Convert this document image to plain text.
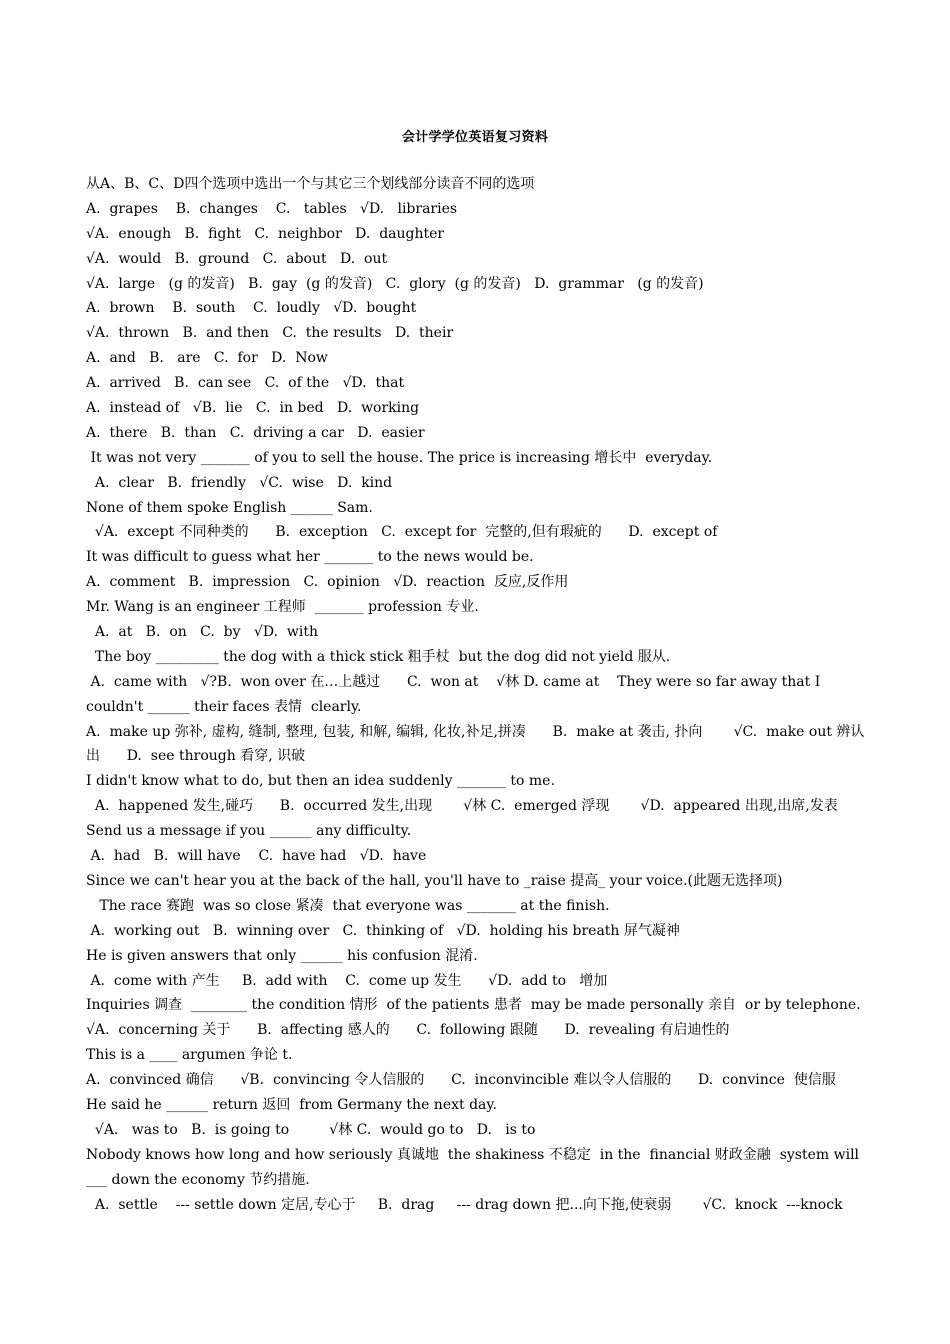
会计学学位英语复习资料
从A、B、C、D四个选项中选出一个与其它三个划线部分读音不同的选项
A.  grapes    B.  changes    C.   tables   √D.   libraries
√A.  enough   B.  fight   C.  neighbor   D.  daughter
√A.  would   B.  ground   C.  about   D.  out
√A.  large   (g 的发音)   B.  gay  (g 的发音)   C.  glory  (g 的发音)   D.  grammar   (g 的发音)
A.  brown    B.  south    C.  loudly   √D.  bought
√A.  thrown   B.  and then   C.  the results   D.  their
A.  and   B.   are   C.  for   D.  Now
A.  arrived   B.  can see   C.  of the   √D.  that
A.  instead of   √B.  lie   C.  in bed   D.  working
A.  there   B.  than   C.  driving a car   D.  easier
It was not very _______ of you to sell the house. The price is increasing 增长中  everyday.
A.  clear   B.  friendly   √C.  wise   D.  kind
None of them spoke English ______ Sam.
√A.  except 不同种类的      B.  exception   C.  except for  完整的,但有瑕疵的      D.  except of
It was difficult to guess what her _______ to the news would be.
A.  comment   B.  impression   C.  opinion   √D.  reaction  反应,反作用
Mr. Wang is an engineer 工程师  _______ profession 专业.
A.  at   B.  on   C.  by   √D.  with
The boy _________ the dog with a thick stick 粗手杖  but the dog did not yield 服从.
A.  came with   √?B.  won over 在…上越过      C.  won at    √林 D. came at    They were so far away that I
couldn't ______ their faces 表情  clearly.
A.  make up 弥补, 虚构, 缝制, 整理, 包装, 和解, 编辑, 化妆,补足,拼凑      B.  make at 袭击, 扑向       √C.  make out 辨认
出      D.  see through 看穿, 识破
I didn't know what to do, but then an idea suddenly _______ to me.
A.  happened 发生,碰巧      B.  occurred 发生,出现       √林 C.  emerged 浮现       √D.  appeared 出现,出席,发表
Send us a message if you ______ any difficulty.
A.  had   B.  will have    C.  have had   √D.  have
Since we can't hear you at the back of the hall, you'll have to _raise 提高_ your voice.(此题无选择项)
The race 赛跑  was so close 紧凑  that everyone was _______ at the finish.
A.  working out   B.  winning over   C.  thinking of   √D.  holding his breath 屏气凝神
He is given answers that only ______ his confusion 混淆.
A.  come with 产生     B.  add with    C.  come up 发生      √D.  add to   增加
Inquiries 调查  ________ the condition 情形  of the patients 患者  may be made personally 亲自  or by telephone.
√A.  concerning 关于      B.  affecting 感人的      C.  following 跟随      D.  revealing 有启迪性的
This is a ____ argumen 争论 t.
A.  convinced 确信      √B.  convincing 令人信服的      C.  inconvincible 难以令人信服的      D.  convince  使信服
He said he ______ return 返回  from Germany the next day.
√A.   was to   B.  is going to         √林 C.  would go to   D.   is to
Nobody knows how long and how seriously 真诚地  the shakiness 不稳定  in the  financial 财政金融  system will
___ down the economy 节约措施.
A.  settle    --- settle down 定居,专心于     B.  drag     --- drag down 把...向下拖,使衰弱       √C.  knock  ---knock
